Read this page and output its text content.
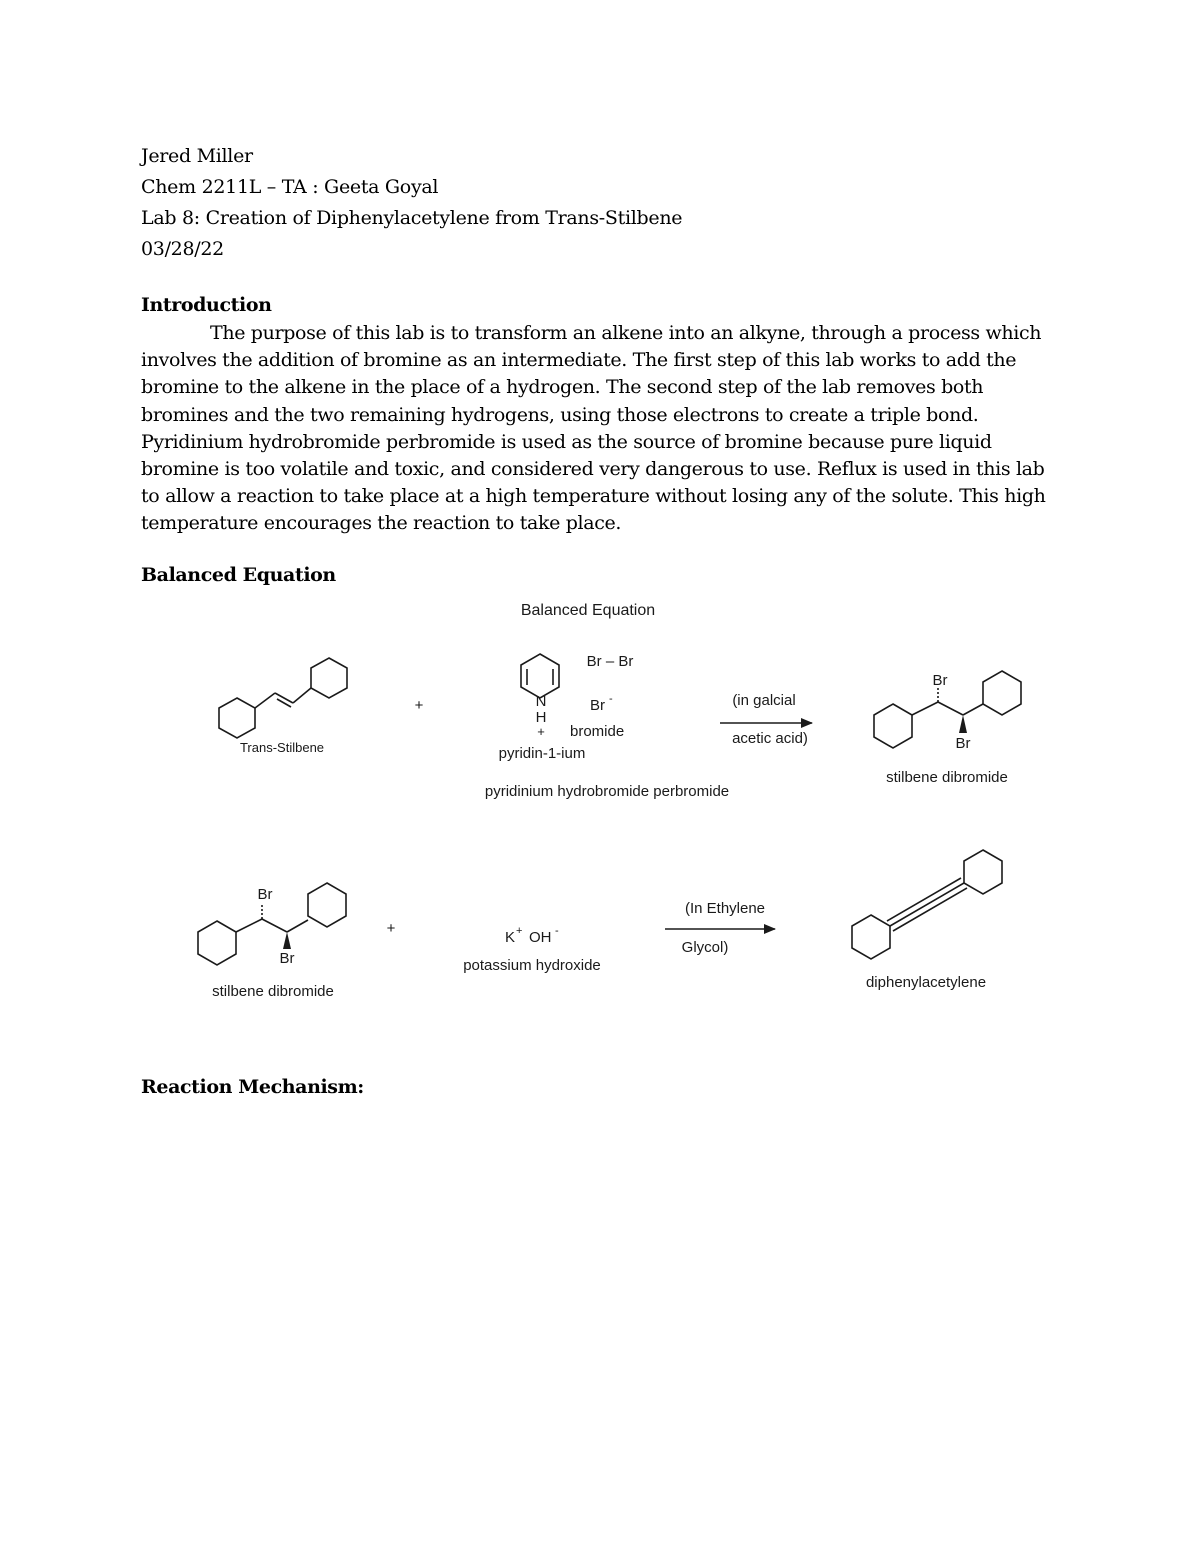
Jered Miller
Chem 2211L – TA : Geeta Goyal
Lab 8: Creation of Diphenylacetylene from Trans-Stilbene
03/28/22
Introduction

The purpose of this lab is to transform an alkene into an alkyne, through a process which involves the addition of bromine as an intermediate. The first step of this lab works to add the bromine to the alkene in the place of a hydrogen. The second step of the lab removes both bromines and the two remaining hydrogens, using those electrons to create a triple bond. Pyridinium hydrobromide perbromide is used as the source of bromine because pure liquid bromine is too volatile and toxic, and considered very dangerous to use. Reflux is used in this lab to allow a reaction to take place at a high temperature without losing any of the solute. This high temperature encourages the reaction to take place.

Balanced Equation
Balanced Equation
Trans-Stilbene
+	N
H
+
Br – Br
Br -
bromide
pyridin-1-ium
pyridinium hydrobromide perbromide
(in galcial
acetic acid)
Br
Br
stilbene dibromide
Br
Br
stilbene dibromide
+
K + OH -
potassium hydroxide
(In Ethylene
Glycol)
diphenylacetylene
Reaction Mechanism:
